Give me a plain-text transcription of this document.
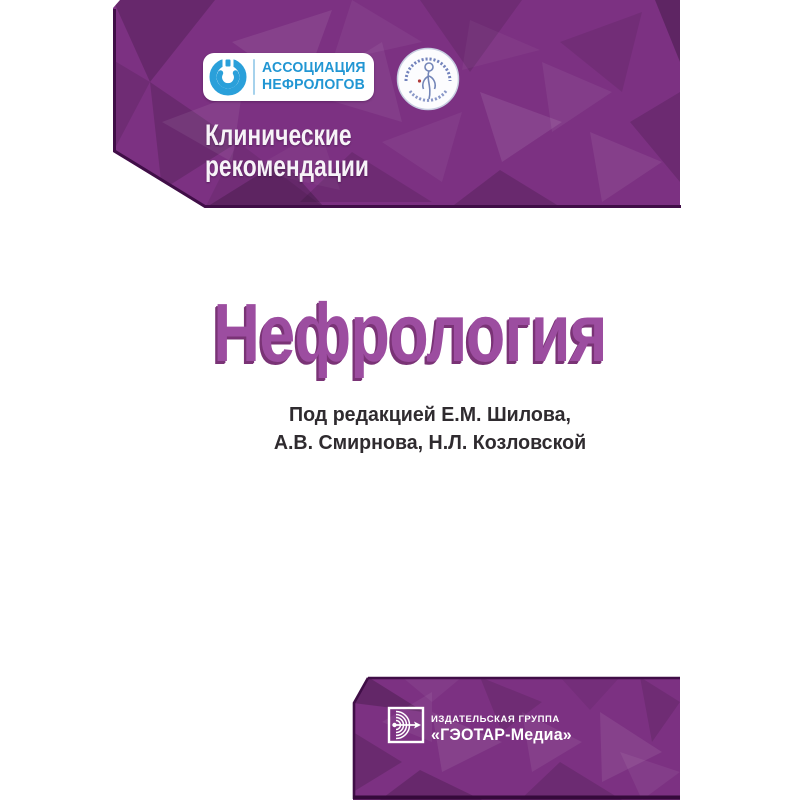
АССОЦИАЦИЯ
НЕФРОЛОГОВ
Клинические
рекомендации
Нефрология
Под редакцией Е.М. Шилова,
А.В. Смирнова, Н.Л. Козловской
ИЗДАТЕЛЬСКАЯ ГРУППА
«ГЭОТАР-Медиа»
